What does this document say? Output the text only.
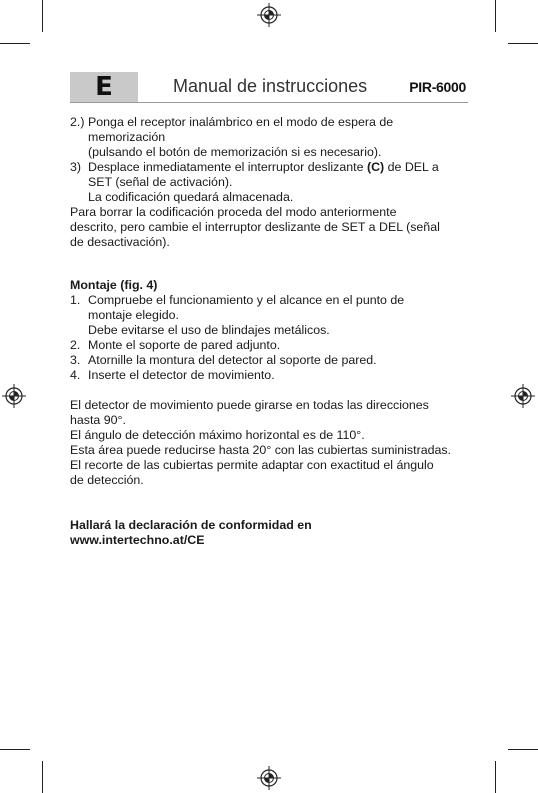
E	Manual de instrucciones	PIR-6000
2.) Ponga el receptor inalámbrico en el modo de espera de

memorización

(pulsando el botón de memorización si es necesario).

3) Desplace inmediatamente el interruptor deslizante (C) de DEL a

SET (señal de activación).

La codificación quedará almacenada.

Para borrar la codificación proceda del modo anteriormente

descrito, pero cambie el interruptor deslizante de SET a DEL (señal

de desactivación).

Montaje (fig. 4)

1. Compruebe el funcionamiento y el alcance en el punto de

montaje elegido.

Debe evitarse el uso de blindajes metálicos.

2. Monte el soporte de pared adjunto.

3. Atornille la montura del detector al soporte de pared.

4. Inserte el detector de movimiento.

El detector de movimiento puede girarse en todas las direcciones

hasta 90°.

El ángulo de detección máximo horizontal es de 110°.

Esta área puede reducirse hasta 20° con las cubiertas suministradas.

El recorte de las cubiertas permite adaptar con exactitud el ángulo

de detección.

Hallará la declaración de conformidad en

www.intertechno.at/CE
